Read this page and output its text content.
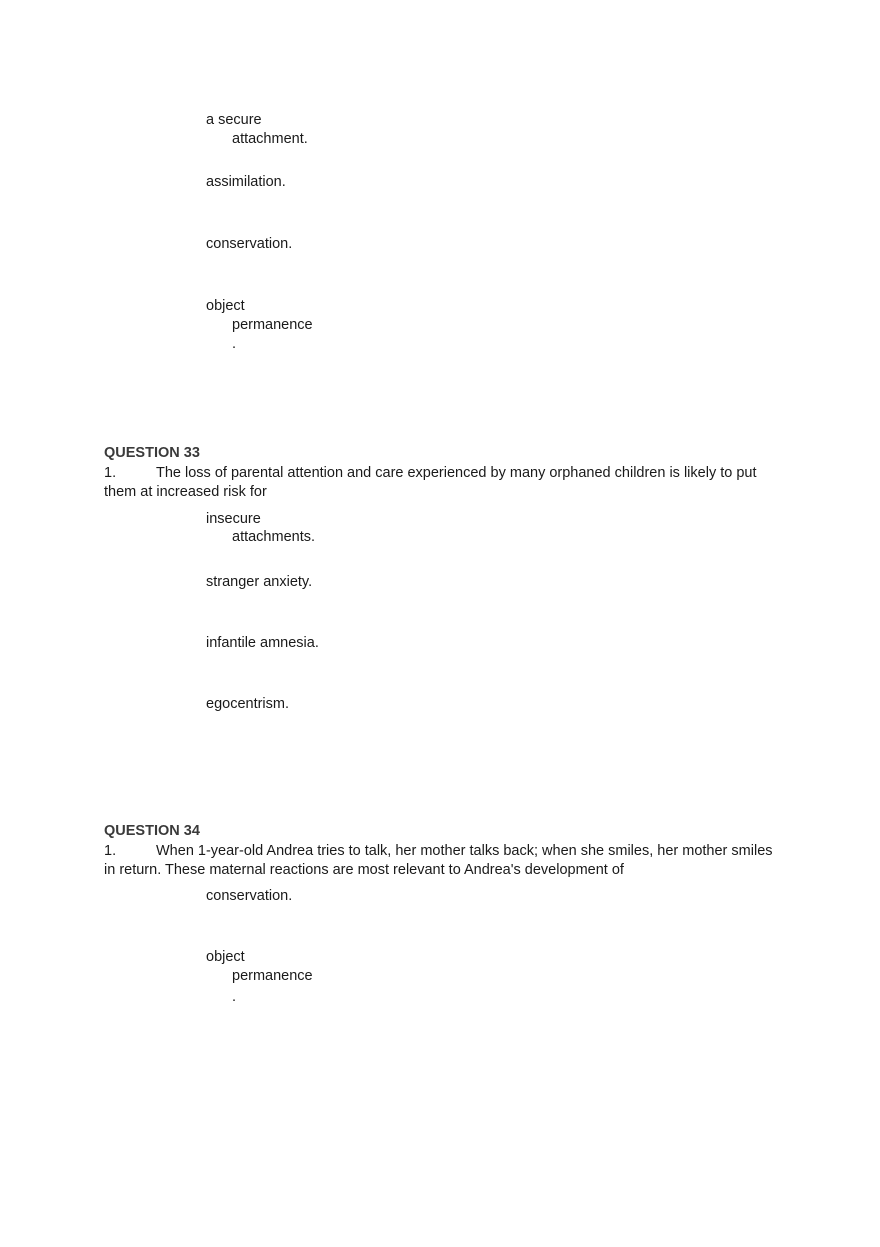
a secure
attachment.
assimilation.
conservation.
object
permanence
.
QUESTION 33
1.	The loss of parental attention and care experienced by many orphaned children is likely to put
them at increased risk for
insecure
attachments.
stranger anxiety.
infantile amnesia.
egocentrism.
QUESTION 34
1.	When 1-year-old Andrea tries to talk, her mother talks back; when she smiles, her mother smiles
in return. These maternal reactions are most relevant to Andrea's development of
conservation.
object
permanence
.
